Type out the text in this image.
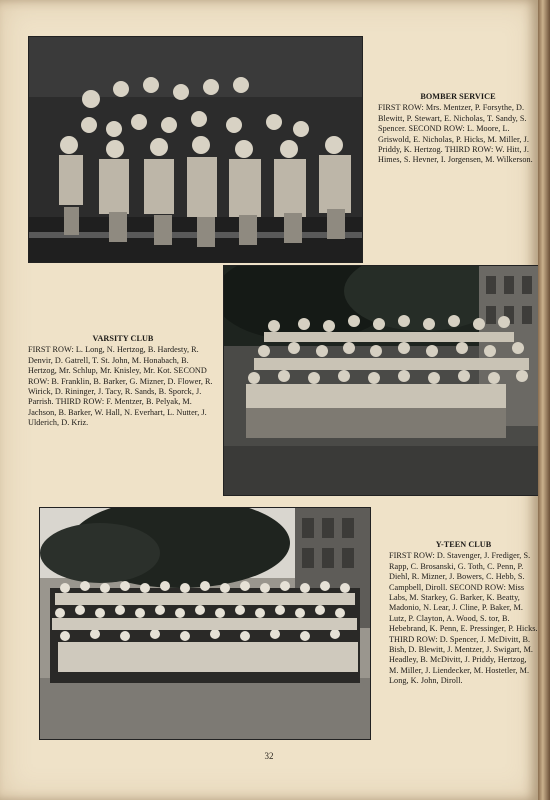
BOMBER SERVICE
FIRST ROW: Mrs. Mentzer, P. Forsythe, D. Blewitt, P. Stewart, E. Nicholas, T. Sandy, S. Spencer. SECOND ROW: L. Moore, L. Griswold, E. Nicholas, P. Hicks, M. Miller, J. Priddy, K. Hertzog. THIRD ROW: W. Hitt, J. Himes, S. Hevner, I. Jorgensen, M. Wilkerson.
VARSITY CLUB
FIRST ROW: L. Long, N. Hertzog, B. Hardesty, R. Denvir, D. Gatrell, T. St. John, M. Honabach, B. Hertzog, Mr. Schlup, Mr. Knisley, Mr. Kot. SECOND ROW: B. Franklin, B. Barker, G. Mizner, D. Flower, R. Wirick, D. Rininger, J. Tacy, R. Sands, B. Sporck, J. Parrish. THIRD ROW: F. Mentzer, B. Pelyak, M. Jachson, B. Barker, W. Hall, N. Everhart, L. Nutter, J. Ulderich, D. Kriz.
Y-TEEN CLUB
FIRST ROW: D. Stavenger, J. Frediger, S. Rapp, C. Brosanski, G. Toth, C. Penn, P. Diehl, R. Mizner, J. Bowers, C. Hebb, S. Campbell, Diroll. SECOND ROW: Miss Labs, M. Starkey, G. Barker, K. Beatty, Madonio, N. Lear, J. Cline, P. Baker, M. Lutz, P. Clayton, A. Wood, S. tor, B. Hebebrand, K. Penn, E. Pressinger, P. Hicks. THIRD ROW: D. Spencer, J. McDivitt, B. Bish, D. Blewitt, J. Mentzer, J. Swigart, M. Headley, B. McDivitt, J. Priddy, Hertzog, M. Miller, J. Liendecker, M. Hostetler, M. Long, K. John, Diroll.
32
